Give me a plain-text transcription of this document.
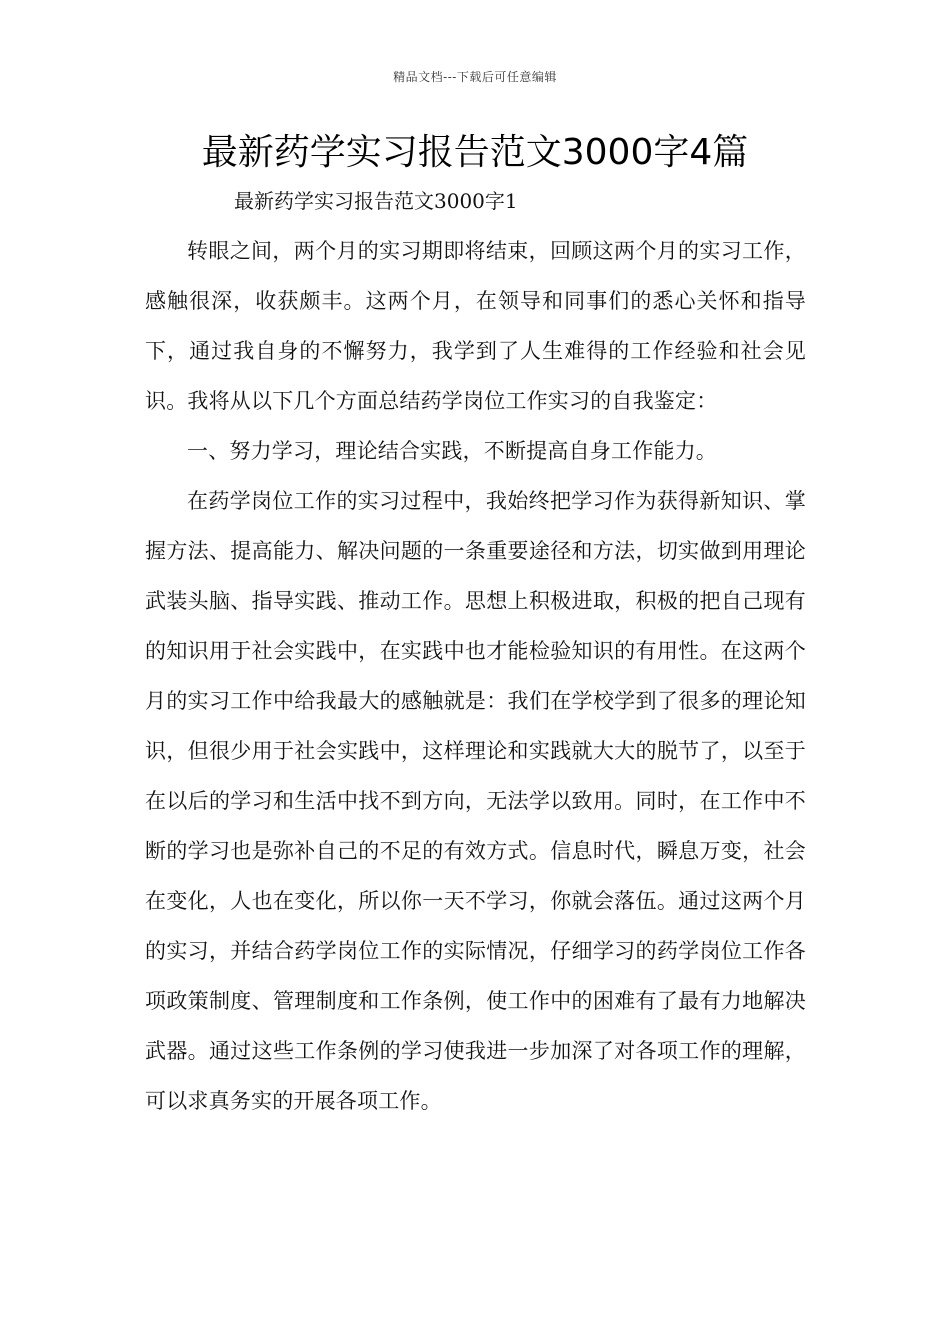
精品文档---下载后可任意编辑
最新药学实习报告范文3000字4篇
最新药学实习报告范文3000字1

转眼之间，两个月的实习期即将结束，回顾这两个月的实习工作，感触很深，收获颇丰。这两个月，在领导和同事们的悉心关怀和指导下，通过我自身的不懈努力，我学到了人生难得的工作经验和社会见识。我将从以下几个方面总结药学岗位工作实习的自我鉴定：

一、努力学习，理论结合实践，不断提高自身工作能力。

在药学岗位工作的实习过程中，我始终把学习作为获得新知识、掌握方法、提高能力、解决问题的一条重要途径和方法，切实做到用理论武装头脑、指导实践、推动工作。思想上积极进取，积极的把自己现有的知识用于社会实践中，在实践中也才能检验知识的有用性。在这两个月的实习工作中给我最大的感触就是：我们在学校学到了很多的理论知识，但很少用于社会实践中，这样理论和实践就大大的脱节了，以至于在以后的学习和生活中找不到方向，无法学以致用。同时，在工作中不断的学习也是弥补自己的不足的有效方式。信息时代，瞬息万变，社会在变化，人也在变化，所以你一天不学习，你就会落伍。通过这两个月的实习，并结合药学岗位工作的实际情况，仔细学习的药学岗位工作各项政策制度、管理制度和工作条例，使工作中的困难有了最有力地解决武器。通过这些工作条例的学习使我进一步加深了对各项工作的理解，可以求真务实的开展各项工作。
